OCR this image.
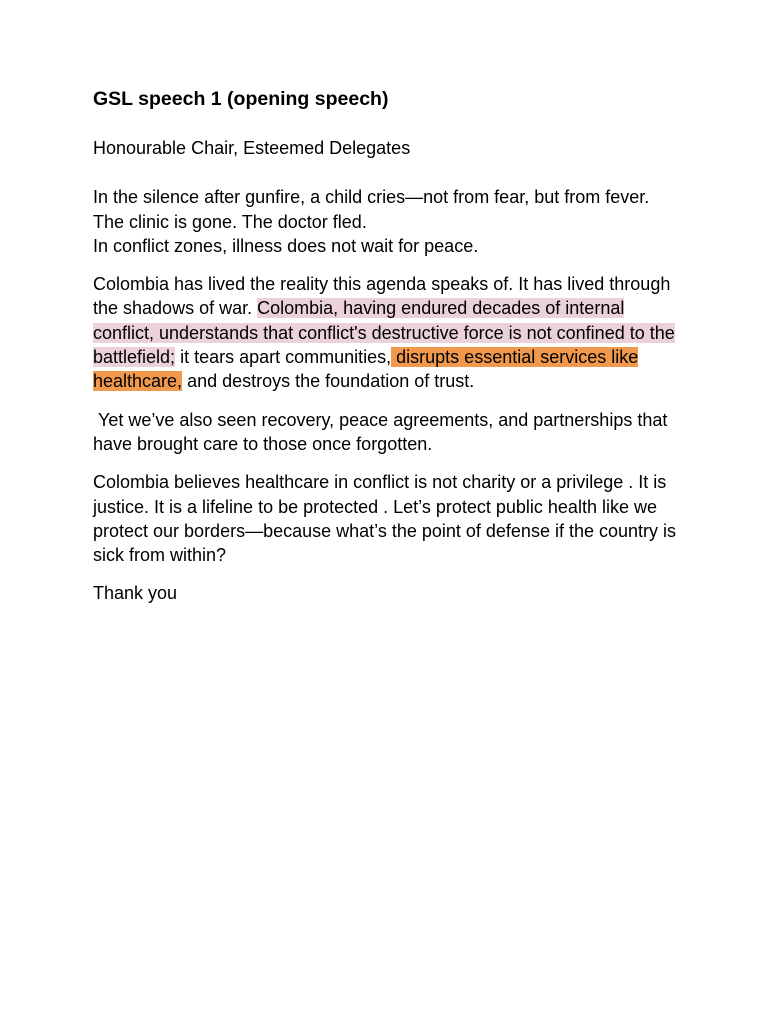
GSL speech 1 (opening speech)

Honourable Chair, Esteemed Delegates

In the silence after gunfire, a child cries—not from fear, but from fever.
The clinic is gone. The doctor fled.
In conflict zones, illness does not wait for peace.

Colombia has lived the reality this agenda speaks of. It has lived through the shadows of war. Colombia, having endured decades of internal conflict, understands that conflict's destructive force is not confined to the battlefield; it tears apart communities, disrupts essential services like healthcare, and destroys the foundation of trust.

Yet we’ve also seen recovery, peace agreements, and partnerships that have brought care to those once forgotten.

Colombia believes healthcare in conflict is not charity or a privilege . It is justice. It is a lifeline to be protected . Let’s protect public health like we protect our borders—because what’s the point of defense if the country is sick from within?

Thank you
